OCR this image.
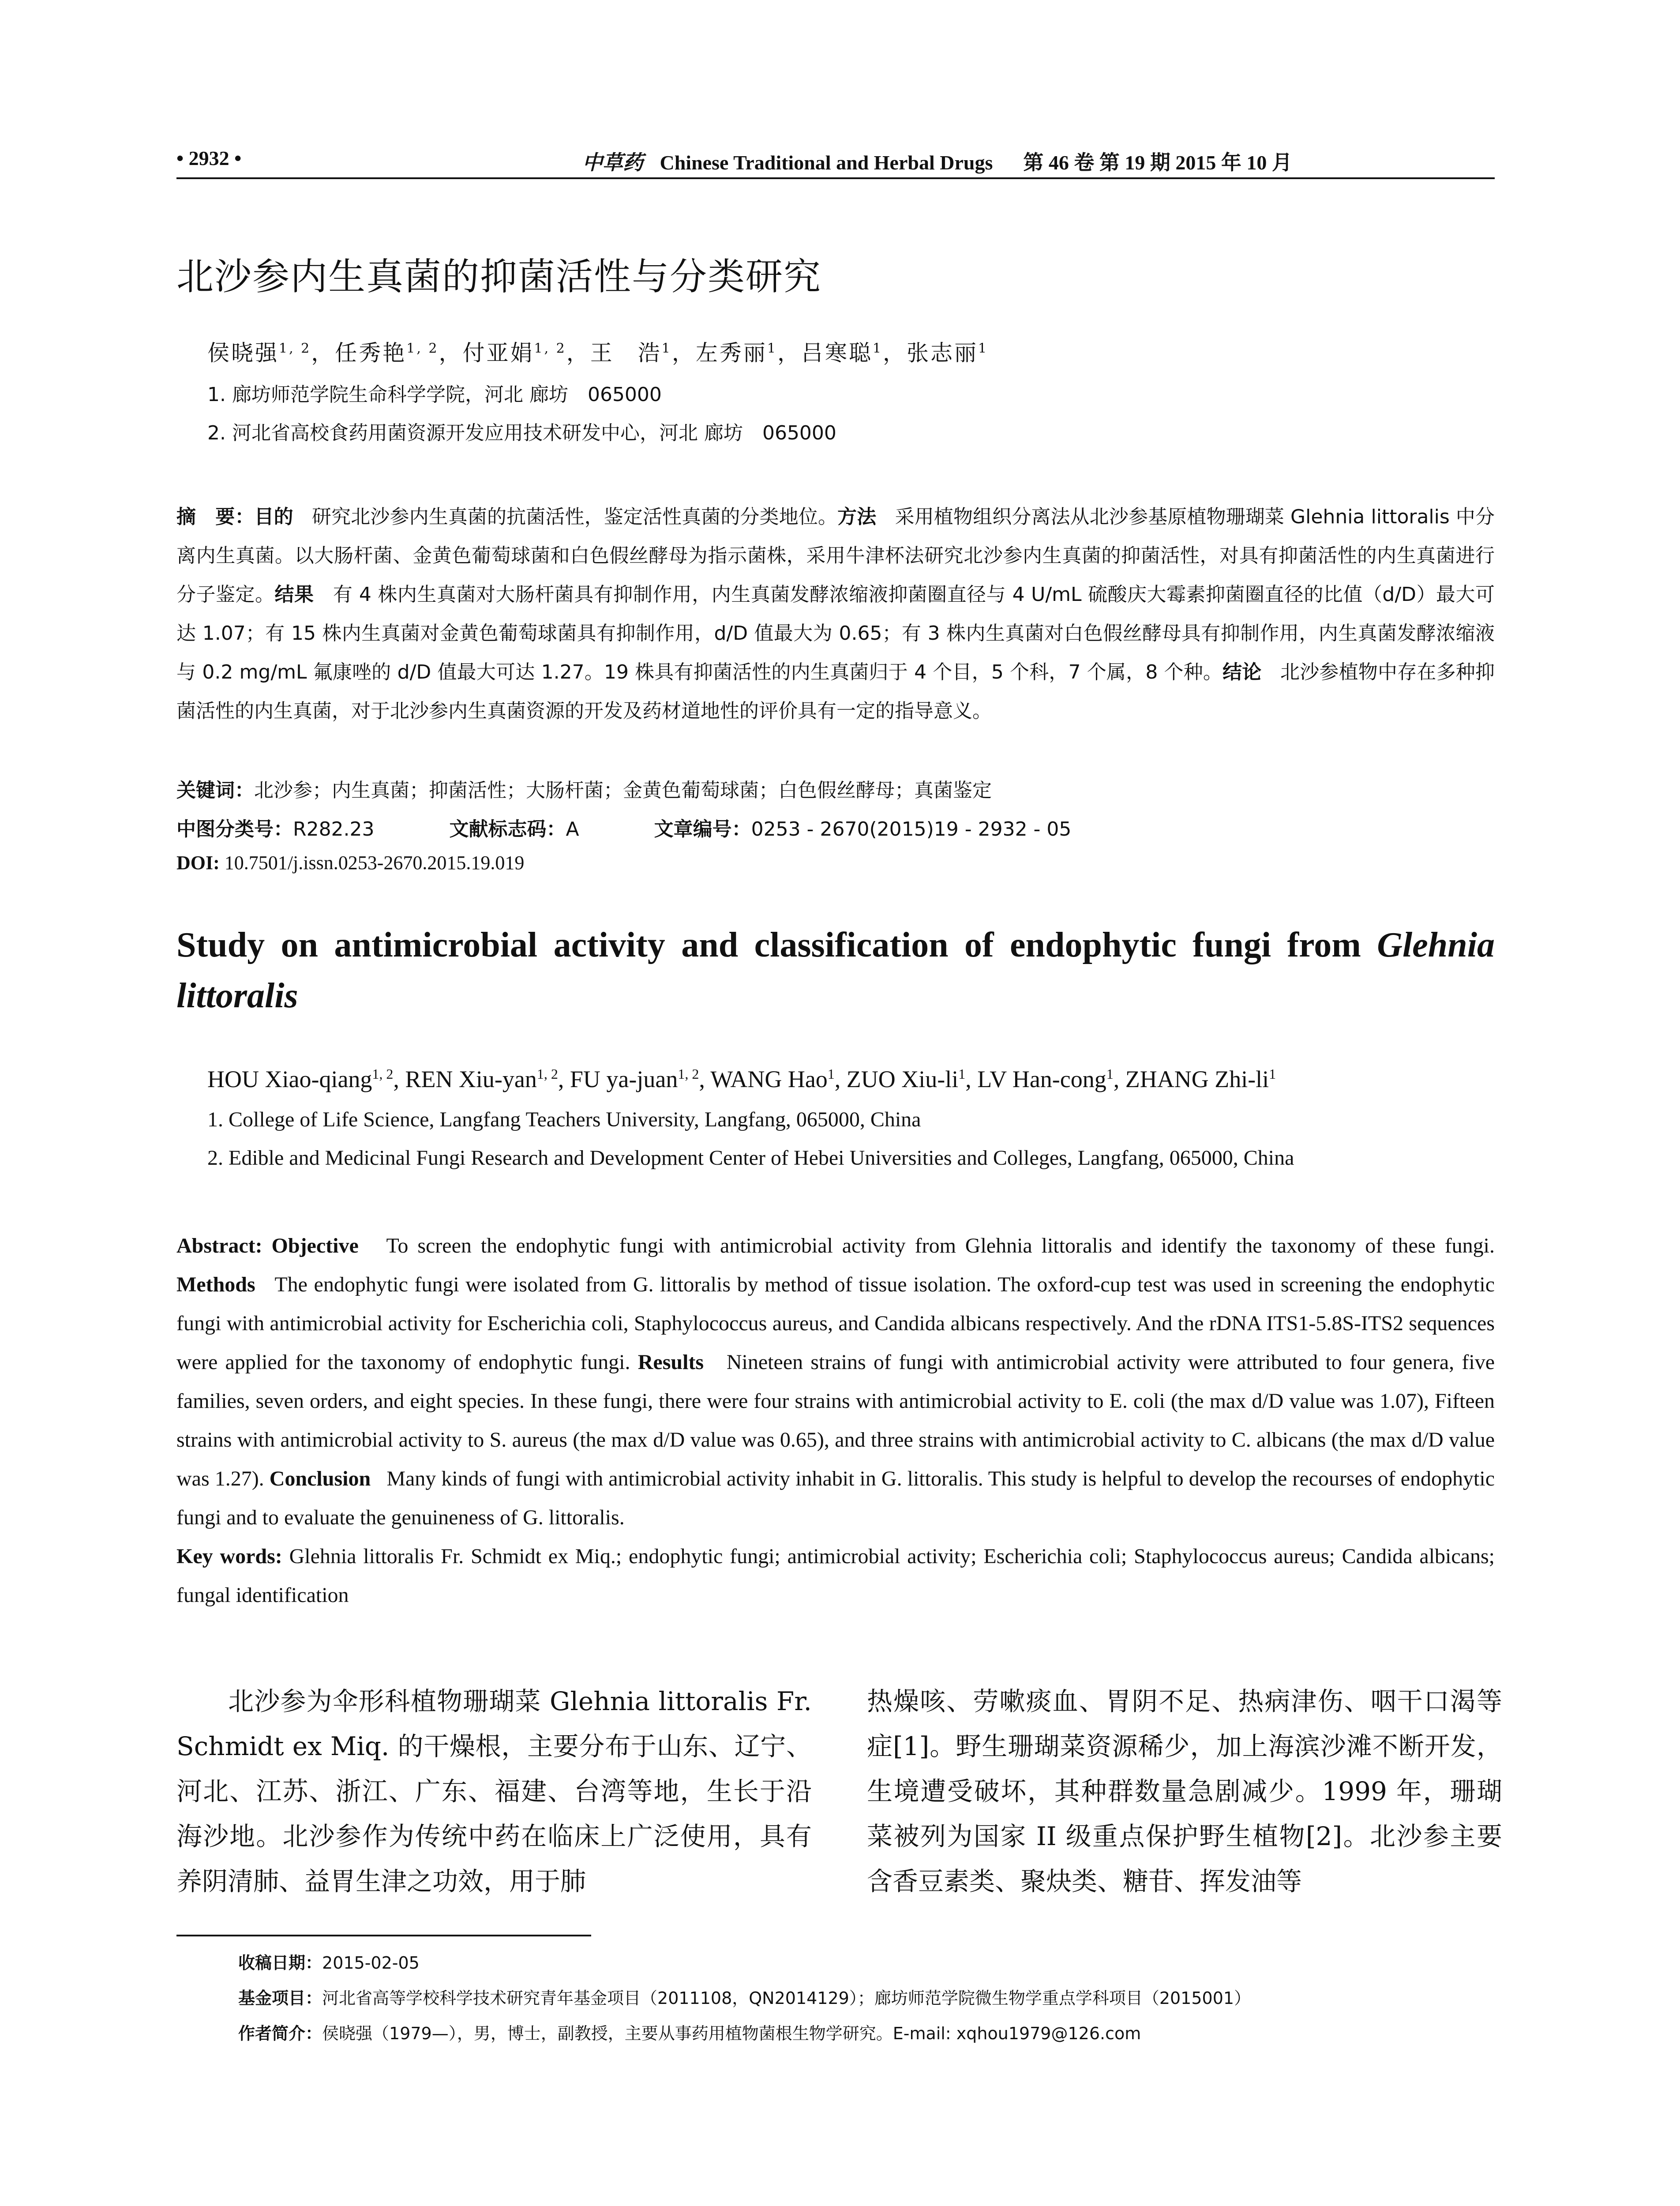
• 2932 •	中草药 Chinese Traditional and Herbal Drugs 第 46 卷 第 19 期 2015 年 10 月
北沙参内生真菌的抑菌活性与分类研究
侯晓强$^{1, 2}$，任秀艳$^{1, 2}$，付亚娟$^{1, 2}$，王　浩$^1$，左秀丽$^1$，吕寒聪$^1$，张志丽$^1$
1. 廊坊师范学院生命科学学院，河北 廊坊　065000
2. 河北省高校食药用菌资源开发应用技术研发中心，河北 廊坊　065000
摘　要：目的 研究北沙参内生真菌的抗菌活性，鉴定活性真菌的分类地位。方法 采用植物组织分离法从北沙参基原植物珊瑚菜 Glehnia littoralis 中分离内生真菌。以大肠杆菌、金黄色葡萄球菌和白色假丝酵母为指示菌株，采用牛津杯法研究北沙参内生真菌的抑菌活性，对具有抑菌活性的内生真菌进行分子鉴定。结果 有 4 株内生真菌对大肠杆菌具有抑制作用，内生真菌发酵浓缩液抑菌圈直径与 4 U/mL 硫酸庆大霉素抑菌圈直径的比值（d/D）最大可达 1.07；有 15 株内生真菌对金黄色葡萄球菌具有抑制作用，d/D 值最大为 0.65；有 3 株内生真菌对白色假丝酵母具有抑制作用，内生真菌发酵浓缩液与 0.2 mg/mL 氟康唑的 d/D 值最大可达 1.27。19 株具有抑菌活性的内生真菌归于 4 个目，5 个科，7 个属，8 个种。结论 北沙参植物中存在多种抑菌活性的内生真菌，对于北沙参内生真菌资源的开发及药材道地性的评价具有一定的指导意义。
关键词：北沙参；内生真菌；抑菌活性；大肠杆菌；金黄色葡萄球菌；白色假丝酵母；真菌鉴定
中图分类号：R282.23	文献标志码：A	文章编号：0253 - 2670(2015)19 - 2932 - 05
DOI: 10.7501/j.issn.0253-2670.2015.19.019
Study on antimicrobial activity and classification of endophytic fungi from Glehnia littoralis
HOU Xiao-qiang$^{1, 2}$, REN Xiu-yan$^{1, 2}$, FU ya-juan$^{1, 2}$, WANG Hao$^1$, ZUO Xiu-$li^1$, LV Han-cong$^1$, ZHANG Zhi-$li^1$
1. College of Life Science, Langfang Teachers University, Langfang, 065000, China
2. Edible and Medicinal Fungi Research and Development Center of Hebei Universities and Colleges, Langfang, 065000, China
Abstract: Objective To screen the endophytic fungi with antimicrobial activity from Glehnia littoralis and identify the taxonomy of these fungi. Methods The endophytic fungi were isolated from G. littoralis by method of tissue isolation. The oxford-cup test was used in screening the endophytic fungi with antimicrobial activity for Escherichia coli, Staphylococcus aureus, and Candida albicans respectively. And the rDNA ITS1-5.8S-ITS2 sequences were applied for the taxonomy of endophytic fungi. Results Nineteen strains of fungi with antimicrobial activity were attributed to four genera, five families, seven orders, and eight species. In these fungi, there were four strains with antimicrobial activity to E. coli (the max d/D value was 1.07), Fifteen strains with antimicrobial activity to S. aureus (the max d/D value was 0.65), and three strains with antimicrobial activity to C. albicans (the max d/D value was 1.27). Conclusion Many kinds of fungi with antimicrobial activity inhabit in G. littoralis. This study is helpful to develop the recourses of endophytic fungi and to evaluate the genuineness of G. littoralis.
Key words: Glehnia littoralis Fr. Schmidt ex Miq.; endophytic fungi; antimicrobial activity; Escherichia coli; Staphylococcus aureus; Candida albicans; fungal identification
北沙参为伞形科植物珊瑚菜 Glehnia littoralis Fr. Schmidt ex Miq. 的干燥根，主要分布于山东、辽宁、河北、江苏、浙江、广东、福建、台湾等地，生长于沿海沙地。北沙参作为传统中药在临床上广泛使用，具有养阴清肺、益胃生津之功效，用于肺
热燥咳、劳嗽痰血、胃阴不足、热病津伤、咽干口渴等症[1]。野生珊瑚菜资源稀少，加上海滨沙滩不断开发，生境遭受破坏，其种群数量急剧减少。1999 年，珊瑚菜被列为国家 II 级重点保护野生植物[2]。北沙参主要含香豆素类、聚炔类、糖苷、挥发油等
收稿日期：2015-02-05
基金项目：河北省高等学校科学技术研究青年基金项目（2011108，QN2014129）；廊坊师范学院微生物学重点学科项目（2015001）
作者简介：侯晓强（1979—），男，博士，副教授，主要从事药用植物菌根生物学研究。E-mail: xqhou1979@126.com
